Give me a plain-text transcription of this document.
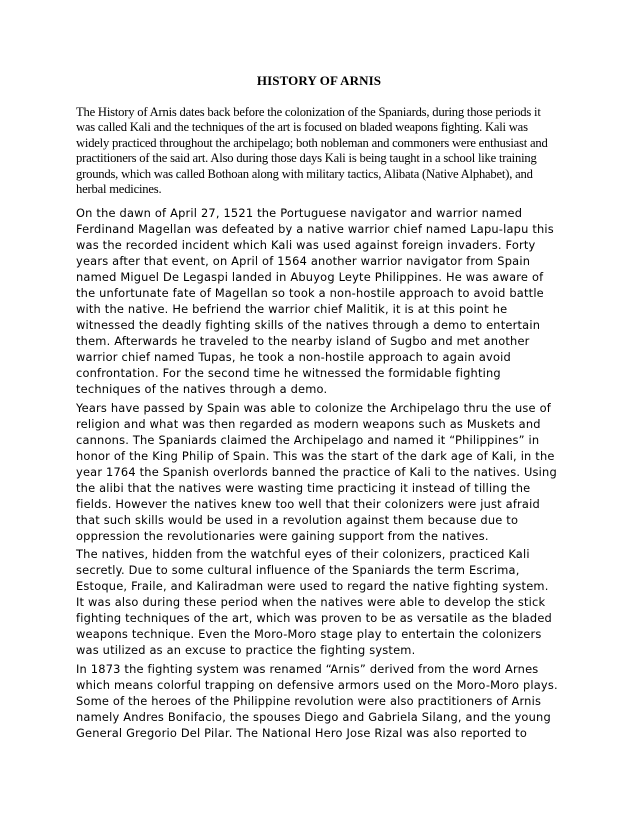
HISTORY OF ARNIS

The History of Arnis dates back before the colonization of the Spaniards, during those periods it was called Kali and the techniques of the art is focused on bladed weapons fighting. Kali was widely practiced throughout the archipelago; both nobleman and commoners were enthusiast and practitioners of the said art. Also during those days Kali is being taught in a school like training grounds, which was called Bothoan along with military tactics, Alibata (Native Alphabet), and herbal medicines.

On the dawn of April 27, 1521 the Portuguese navigator and warrior named Ferdinand Magellan was defeated by a native warrior chief named Lapu-lapu this was the recorded incident which Kali was used against foreign invaders. Forty years after that event, on April of 1564 another warrior navigator from Spain named Miguel De Legaspi landed in Abuyog Leyte Philippines. He was aware of the unfortunate fate of Magellan so took a non-hostile approach to avoid battle with the native. He befriend the warrior chief Malitik, it is at this point he witnessed the deadly fighting skills of the natives through a demo to entertain them. Afterwards he traveled to the nearby island of Sugbo and met another warrior chief named Tupas, he took a non-hostile approach to again avoid confrontation. For the second time he witnessed the formidable fighting techniques of the natives through a demo.

Years have passed by Spain was able to colonize the Archipelago thru the use of religion and what was then regarded as modern weapons such as Muskets and cannons. The Spaniards claimed the Archipelago and named it “Philippines” in honor of the King Philip of Spain. This was the start of the dark age of Kali, in the year 1764 the Spanish overlords banned the practice of Kali to the natives. Using the alibi that the natives were wasting time practicing it instead of tilling the fields. However the natives knew too well that their colonizers were just afraid that such skills would be used in a revolution against them because due to oppression the revolutionaries were gaining support from the natives.

The natives, hidden from the watchful eyes of their colonizers, practiced Kali secretly. Due to some cultural influence of the Spaniards the term Escrima, Estoque, Fraile, and Kaliradman were used to regard the native fighting system. It was also during these period when the natives were able to develop the stick fighting techniques of the art, which was proven to be as versatile as the bladed weapons technique. Even the Moro-Moro stage play to entertain the colonizers was utilized as an excuse to practice the fighting system.

In 1873 the fighting system was renamed “Arnis” derived from the word Arnes which means colorful trapping on defensive armors used on the Moro-Moro plays. Some of the heroes of the Philippine revolution were also practitioners of Arnis namely Andres Bonifacio, the spouses Diego and Gabriela Silang, and the young General Gregorio Del Pilar. The National Hero Jose Rizal was also reported to
